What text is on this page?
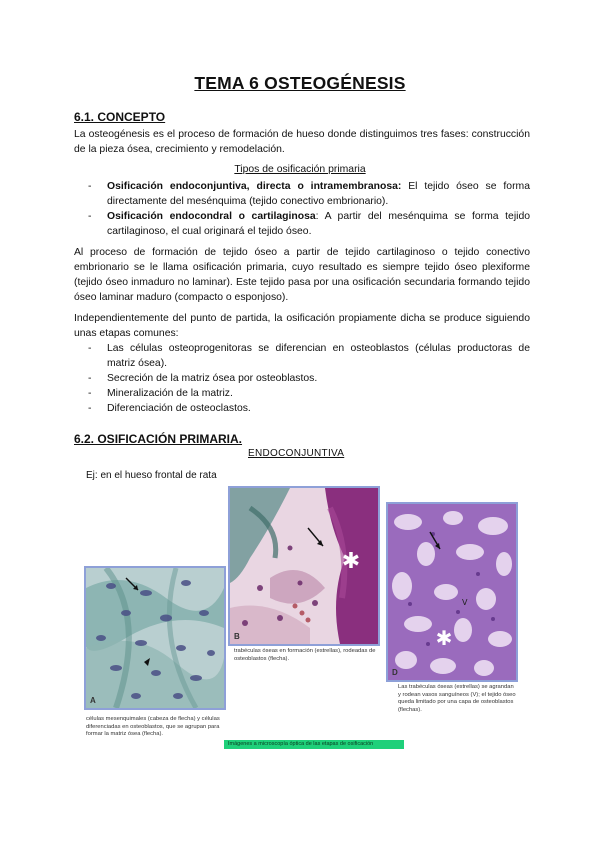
TEMA 6 OSTEOGÉNESIS
6.1. CONCEPTO

La osteogénesis es el proceso de formación de hueso donde distinguimos tres fases: construcción de la pieza ósea, crecimiento y remodelación.

Tipos de osificación primaria
- Osificación endoconjuntiva, directa o intramembranosa: El tejido óseo se forma directamente del mesénquima (tejido conectivo embrionario).
- Osificación endocondral o cartilaginosa: A partir del mesénquima se forma tejido cartilaginoso, el cual originará el tejido óseo.

Al proceso de formación de tejido óseo a partir de tejido cartilaginoso o tejido conectivo embrionario se le llama osificación primaria, cuyo resultado es siempre tejido óseo plexiforme (tejido óseo inmaduro no laminar). Este tejido pasa por una osificación secundaria formando tejido óseo laminar maduro (compacto o esponjoso).

Independientemente del punto de partida, la osificación propiamente dicha se produce siguiendo unas etapas comunes:

- Las células osteoprogenitoras se diferencian en osteoblastos (células productoras de matriz ósea).
- Secreción de la matriz ósea por osteoblastos.
- Mineralización de la matriz.
- Diferenciación de osteoclastos.
6.2. OSIFICACIÓN PRIMARIA.
ENDOCONJUNTIVA
Ej: en el hueso frontal de rata
A
células mesenquimales (cabeza de flecha) y células diferenciadas en osteoblastos, que se agrupan para formar la matriz ósea (flecha).
✱
B
trabéculas óseas en formación (estrellas), rodeadas de osteoblastos (flecha).
V
✱
D
Las trabéculas óseas (estrellas) se agrandan y rodean vasos sanguíneos (V); el tejido óseo queda limitado por una capa de osteoblastos (flechas).
Imágenes a microscopía óptica de las etapas de osificación
